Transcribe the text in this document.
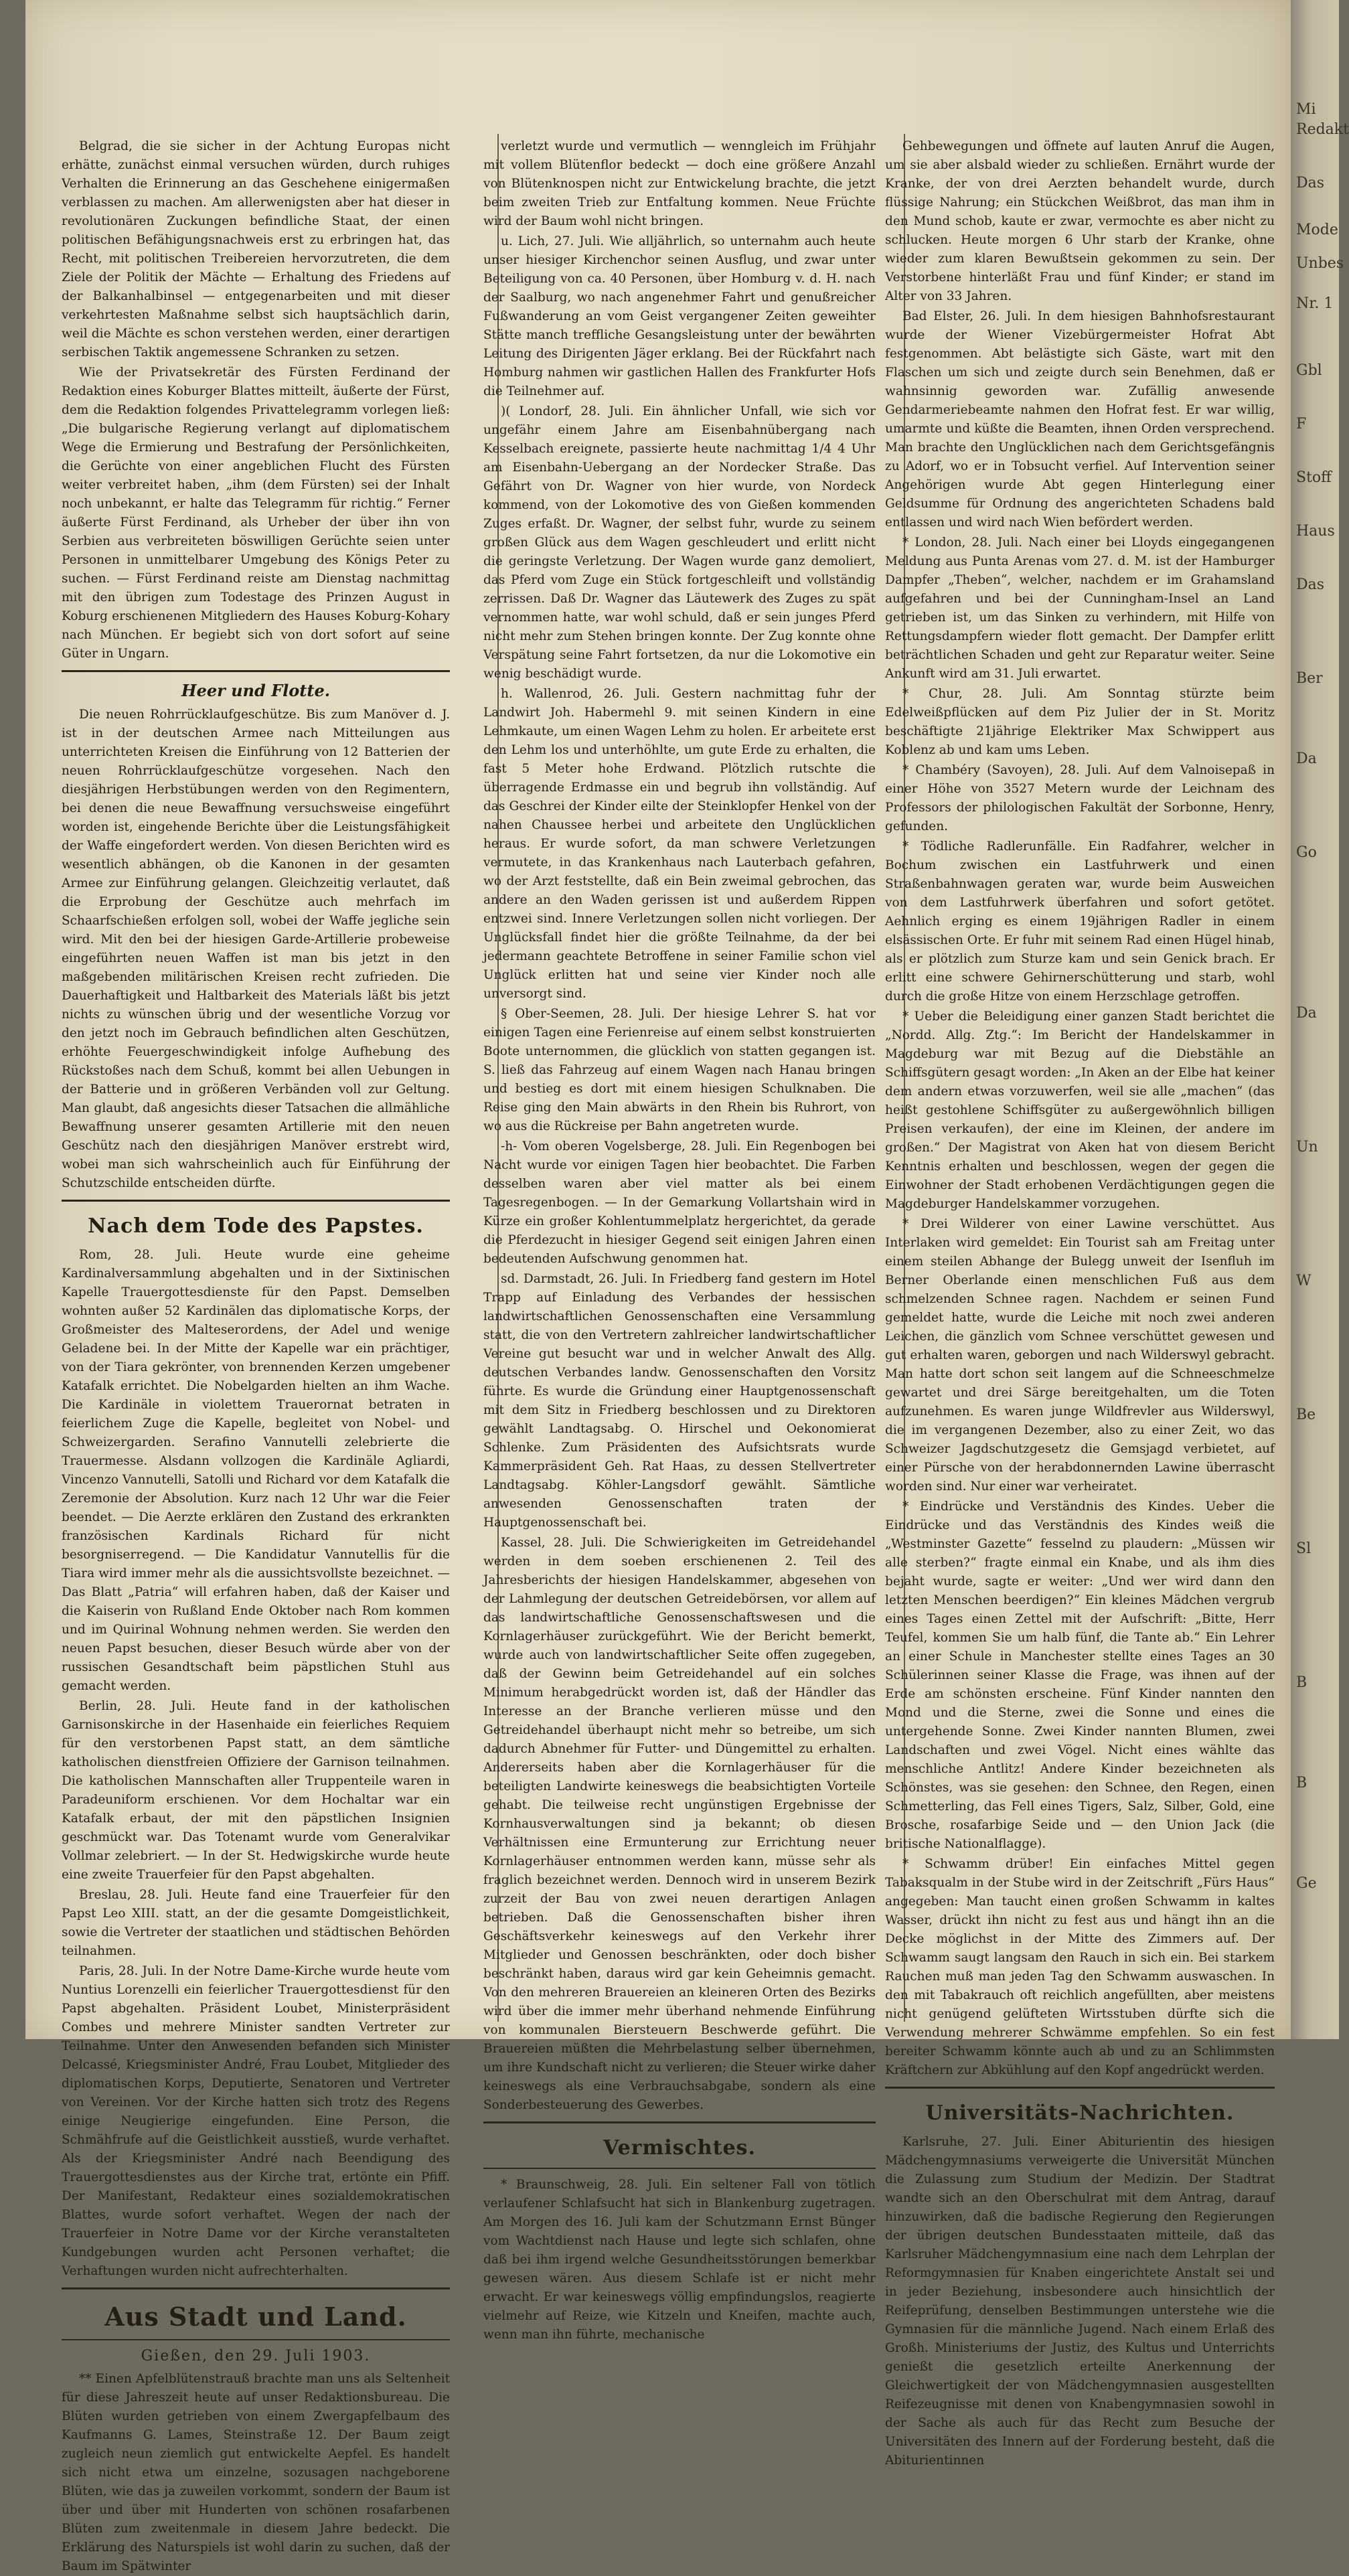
Belgrad, die sie sicher in der Achtung Europas nicht erhätte, zunächst einmal versuchen würden, durch ruhiges Verhalten die Erinnerung an das Geschehene einigermaßen verblassen zu machen. Am allerwenigsten aber hat dieser in revolutionären Zuckungen befindliche Staat, der einen politischen Befähigungsnachweis erst zu erbringen hat, das Recht, mit politischen Treibereien hervorzutreten, die dem Ziele der Politik der Mächte — Erhaltung des Friedens auf der Balkanhalbinsel — entgegenarbeiten und mit dieser verkehrtesten Maßnahme selbst sich hauptsächlich darin, weil die Mächte es schon verstehen werden, einer derartigen serbischen Taktik angemessene Schranken zu setzen.

Wie der Privatsekretär des Fürsten Ferdinand der Redaktion eines Koburger Blattes mitteilt, äußerte der Fürst, dem die Redaktion folgendes Privattelegramm vorlegen ließ: „Die bulgarische Regierung verlangt auf diplomatischem Wege die Ermierung und Bestrafung der Persönlichkeiten, die Gerüchte von einer angeblichen Flucht des Fürsten weiter verbreitet haben, „ihm (dem Fürsten) sei der Inhalt noch unbekannt, er halte das Telegramm für richtig.“ Ferner äußerte Fürst Ferdinand, als Urheber der über ihn von Serbien aus verbreiteten böswilligen Gerüchte seien unter Personen in unmittelbarer Umgebung des Königs Peter zu suchen. — Fürst Ferdinand reiste am Dienstag nachmittag mit den übrigen zum Todestage des Prinzen August in Koburg erschienenen Mitgliedern des Hauses Koburg-Kohary nach München. Er begiebt sich von dort sofort auf seine Güter in Ungarn.

Heer und Flotte.

Die neuen Rohrrücklaufgeschütze. Bis zum Manöver d. J. ist in der deutschen Armee nach Mitteilungen aus unterrichteten Kreisen die Einführung von 12 Batterien der neuen Rohrrücklaufgeschütze vorgesehen. Nach den diesjährigen Herbstübungen werden von den Regimentern, bei denen die neue Bewaffnung versuchsweise eingeführt worden ist, eingehende Berichte über die Leistungsfähigkeit der Waffe eingefordert werden. Von diesen Berichten wird es wesentlich abhängen, ob die Kanonen in der gesamten Armee zur Einführung gelangen. Gleichzeitig verlautet, daß die Erprobung der Geschütze auch mehrfach im Schaarfschießen erfolgen soll, wobei der Waffe jegliche sein wird. Mit den bei der hiesigen Garde-Artillerie probeweise eingeführten neuen Waffen ist man bis jetzt in den maßgebenden militärischen Kreisen recht zufrieden. Die Dauerhaftigkeit und Haltbarkeit des Materials läßt bis jetzt nichts zu wünschen übrig und der wesentliche Vorzug vor den jetzt noch im Gebrauch befindlichen alten Geschützen, erhöhte Feuergeschwindigkeit infolge Aufhebung des Rückstoßes nach dem Schuß, kommt bei allen Uebungen in der Batterie und in größeren Verbänden voll zur Geltung. Man glaubt, daß angesichts dieser Tatsachen die allmähliche Bewaffnung unserer gesamten Artillerie mit den neuen Geschütz nach den diesjährigen Manöver erstrebt wird, wobei man sich wahrscheinlich auch für Einführung der Schutzschilde entscheiden dürfte.

Nach dem Tode des Papstes.

Rom, 28. Juli. Heute wurde eine geheime Kardinalversammlung abgehalten und in der Sixtinischen Kapelle Trauergottesdienste für den Papst. Demselben wohnten außer 52 Kardinälen das diplomatische Korps, der Großmeister des Malteserordens, der Adel und wenige Geladene bei. In der Mitte der Kapelle war ein prächtiger, von der Tiara gekrönter, von brennenden Kerzen umgebener Katafalk errichtet. Die Nobelgarden hielten an ihm Wache. Die Kardinäle in violettem Trauerornat betraten in feierlichem Zuge die Kapelle, begleitet von Nobel- und Schweizergarden. Serafino Vannutelli zelebrierte die Trauermesse. Alsdann vollzogen die Kardinäle Agliardi, Vincenzo Vannutelli, Satolli und Richard vor dem Katafalk die Zeremonie der Absolution. Kurz nach 12 Uhr war die Feier beendet. — Die Aerzte erklären den Zustand des erkrankten französischen Kardinals Richard für nicht besorgniserregend. — Die Kandidatur Vannutellis für die Tiara wird immer mehr als die aussichtsvollste bezeichnet. — Das Blatt „Patria“ will erfahren haben, daß der Kaiser und die Kaiserin von Rußland Ende Oktober nach Rom kommen und im Quirinal Wohnung nehmen werden. Sie werden den neuen Papst besuchen, dieser Besuch würde aber von der russischen Gesandtschaft beim päpstlichen Stuhl aus gemacht werden.

Berlin, 28. Juli. Heute fand in der katholischen Garnisonskirche in der Hasenhaide ein feierliches Requiem für den verstorbenen Papst statt, an dem sämtliche katholischen dienstfreien Offiziere der Garnison teilnahmen. Die katholischen Mannschaften aller Truppenteile waren in Paradeuniform erschienen. Vor dem Hochaltar war ein Katafalk erbaut, der mit den päpstlichen Insignien geschmückt war. Das Totenamt wurde vom Generalvikar Vollmar zelebriert. — In der St. Hedwigskirche wurde heute eine zweite Trauerfeier für den Papst abgehalten.

Breslau, 28. Juli. Heute fand eine Trauerfeier für den Papst Leo XIII. statt, an der die gesamte Domgeistlichkeit, sowie die Vertreter der staatlichen und städtischen Behörden teilnahmen.

Paris, 28. Juli. In der Notre Dame-Kirche wurde heute vom Nuntius Lorenzelli ein feierlicher Trauergottesdienst für den Papst abgehalten. Präsident Loubet, Ministerpräsident Combes und mehrere Minister sandten Vertreter zur Teilnahme. Unter den Anwesenden befanden sich Minister Delcassé, Kriegsminister André, Frau Loubet, Mitglieder des diplomatischen Korps, Deputierte, Senatoren und Vertreter von Vereinen. Vor der Kirche hatten sich trotz des Regens einige Neugierige eingefunden. Eine Person, die Schmähfrufe auf die Geistlichkeit ausstieß, wurde verhaftet. Als der Kriegsminister André nach Beendigung des Trauergottesdienstes aus der Kirche trat, ertönte ein Pfiff. Der Manifestant, Redakteur eines sozialdemokratischen Blattes, wurde sofort verhaftet. Wegen der nach der Trauerfeier in Notre Dame vor der Kirche veranstalteten Kundgebungen wurden acht Personen verhaftet; die Verhaftungen wurden nicht aufrechterhalten.

Aus Stadt und Land.
Gießen, den 29. Juli 1903.

** Einen Apfelblütenstrauß brachte man uns als Seltenheit für diese Jahreszeit heute auf unser Redaktionsbureau. Die Blüten wurden getrieben von einem Zwergapfelbaum des Kaufmanns G. Lames, Steinstraße 12. Der Baum zeigt zugleich neun ziemlich gut entwickelte Aepfel. Es handelt sich nicht etwa um einzelne, sozusagen nachgeborene Blüten, wie das ja zuweilen vorkommt, sondern der Baum ist über und über mit Hunderten von schönen rosafarbenen Blüten zum zweitenmale in diesem Jahre bedeckt. Die Erklärung des Naturspiels ist wohl darin zu suchen, daß der Baum im Spätwinter

verletzt wurde und vermutlich — wenngleich im Frühjahr mit vollem Blütenflor bedeckt — doch eine größere Anzahl von Blütenknospen nicht zur Entwickelung brachte, die jetzt beim zweiten Trieb zur Entfaltung kommen. Neue Früchte wird der Baum wohl nicht bringen.

u. Lich, 27. Juli. Wie alljährlich, so unternahm auch heute unser hiesiger Kirchenchor seinen Ausflug, und zwar unter Beteiligung von ca. 40 Personen, über Homburg v. d. H. nach der Saalburg, wo nach angenehmer Fahrt und genußreicher Fußwanderung an vom Geist vergangener Zeiten geweihter Stätte manch treffliche Gesangsleistung unter der bewährten Leitung des Dirigenten Jäger erklang. Bei der Rückfahrt nach Homburg nahmen wir gastlichen Hallen des Frankfurter Hofs die Teilnehmer auf.

)( Londorf, 28. Juli. Ein ähnlicher Unfall, wie sich vor ungefähr einem Jahre am Eisenbahnübergang nach Kesselbach ereignete, passierte heute nachmittag 1/4 4 Uhr am Eisenbahn-Uebergang an der Nordecker Straße. Das Gefährt von Dr. Wagner von hier wurde, von Nordeck kommend, von der Lokomotive des von Gießen kommenden Zuges erfaßt. Dr. Wagner, der selbst fuhr, wurde zu seinem großen Glück aus dem Wagen geschleudert und erlitt nicht die geringste Verletzung. Der Wagen wurde ganz demoliert, das Pferd vom Zuge ein Stück fortgeschleift und vollständig zerrissen. Daß Dr. Wagner das Läutewerk des Zuges zu spät vernommen hatte, war wohl schuld, daß er sein junges Pferd nicht mehr zum Stehen bringen konnte. Der Zug konnte ohne Verspätung seine Fahrt fortsetzen, da nur die Lokomotive ein wenig beschädigt wurde.

h. Wallenrod, 26. Juli. Gestern nachmittag fuhr der Landwirt Joh. Habermehl 9. mit seinen Kindern in eine Lehmkaute, um einen Wagen Lehm zu holen. Er arbeitete erst den Lehm los und unterhöhlte, um gute Erde zu erhalten, die fast 5 Meter hohe Erdwand. Plötzlich rutschte die überragende Erdmasse ein und begrub ihn vollständig. Auf das Geschrei der Kinder eilte der Steinklopfer Henkel von der nahen Chaussee herbei und arbeitete den Unglücklichen heraus. Er wurde sofort, da man schwere Verletzungen vermutete, in das Krankenhaus nach Lauterbach gefahren, wo der Arzt feststellte, daß ein Bein zweimal gebrochen, das andere an den Waden gerissen ist und außerdem Rippen entzwei sind. Innere Verletzungen sollen nicht vorliegen. Der Unglücksfall findet hier die größte Teilnahme, da der bei jedermann geachtete Betroffene in seiner Familie schon viel Unglück erlitten hat und seine vier Kinder noch alle unversorgt sind.

§ Ober-Seemen, 28. Juli. Der hiesige Lehrer S. hat vor einigen Tagen eine Ferienreise auf einem selbst konstruierten Boote unternommen, die glücklich von statten gegangen ist. S. ließ das Fahrzeug auf einem Wagen nach Hanau bringen und bestieg es dort mit einem hiesigen Schulknaben. Die Reise ging den Main abwärts in den Rhein bis Ruhrort, von wo aus die Rückreise per Bahn angetreten wurde.

-h- Vom oberen Vogelsberge, 28. Juli. Ein Regenbogen bei Nacht wurde vor einigen Tagen hier beobachtet. Die Farben desselben waren aber viel matter als bei einem Tagesregenbogen. — In der Gemarkung Vollartshain wird in Kürze ein großer Kohlentummelplatz hergerichtet, da gerade die Pferdezucht in hiesiger Gegend seit einigen Jahren einen bedeutenden Aufschwung genommen hat.

sd. Darmstadt, 26. Juli. In Friedberg fand gestern im Hotel Trapp auf Einladung des Verbandes der hessischen landwirtschaftlichen Genossenschaften eine Versammlung statt, die von den Vertretern zahlreicher landwirtschaftlicher Vereine gut besucht war und in welcher Anwalt des Allg. deutschen Verbandes landw. Genossenschaften den Vorsitz führte. Es wurde die Gründung einer Hauptgenossenschaft mit dem Sitz in Friedberg beschlossen und zu Direktoren gewählt Landtagsabg. O. Hirschel und Oekonomierat Schlenke. Zum Präsidenten des Aufsichtsrats wurde Kammerpräsident Geh. Rat Haas, zu dessen Stellvertreter Landtagsabg. Köhler-Langsdorf gewählt. Sämtliche anwesenden Genossenschaften traten der Hauptgenossenschaft bei.

Kassel, 28. Juli. Die Schwierigkeiten im Getreidehandel werden in dem soeben erschienenen 2. Teil des Jahresberichts der hiesigen Handelskammer, abgesehen von der Lahmlegung der deutschen Getreidebörsen, vor allem auf das landwirtschaftliche Genossenschaftswesen und die Kornlagerhäuser zurückgeführt. Wie der Bericht bemerkt, wurde auch von landwirtschaftlicher Seite offen zugegeben, daß der Gewinn beim Getreidehandel auf ein solches Minimum herabgedrückt worden ist, daß der Händler das Interesse an der Branche verlieren müsse und den Getreidehandel überhaupt nicht mehr so betreibe, um sich dadurch Abnehmer für Futter- und Düngemittel zu erhalten. Andererseits haben aber die Kornlagerhäuser für die beteiligten Landwirte keineswegs die beabsichtigten Vorteile gehabt. Die teilweise recht ungünstigen Ergebnisse der Kornhausverwaltungen sind ja bekannt; ob diesen Verhältnissen eine Ermunterung zur Errichtung neuer Kornlagerhäuser entnommen werden kann, müsse sehr als fraglich bezeichnet werden. Dennoch wird in unserem Bezirk zurzeit der Bau von zwei neuen derartigen Anlagen betrieben. Daß die Genossenschaften bisher ihren Geschäftsverkehr keineswegs auf den Verkehr ihrer Mitglieder und Genossen beschränkten, oder doch bisher beschränkt haben, daraus wird gar kein Geheimnis gemacht. Von den mehreren Brauereien an kleineren Orten des Bezirks wird über die immer mehr überhand nehmende Einführung von kommunalen Biersteuern Beschwerde geführt. Die Brauereien müßten die Mehrbelastung selber übernehmen, um ihre Kundschaft nicht zu verlieren; die Steuer wirke daher keineswegs als eine Verbrauchsabgabe, sondern als eine Sonderbesteuerung des Gewerbes.

Vermischtes.

* Braunschweig, 28. Juli. Ein seltener Fall von tötlich verlaufener Schlafsucht hat sich in Blankenburg zugetragen. Am Morgen des 16. Juli kam der Schutzmann Ernst Bünger vom Wachtdienst nach Hause und legte sich schlafen, ohne daß bei ihm irgend welche Gesundheitsstörungen bemerkbar gewesen wären. Aus diesem Schlafe ist er nicht mehr erwacht. Er war keineswegs völlig empfindungslos, reagierte vielmehr auf Reize, wie Kitzeln und Kneifen, machte auch, wenn man ihn führte, mechanische

Gehbewegungen und öffnete auf lauten Anruf die Augen, um sie aber alsbald wieder zu schließen. Ernährt wurde der Kranke, der von drei Aerzten behandelt wurde, durch flüssige Nahrung; ein Stückchen Weißbrot, das man ihm in den Mund schob, kaute er zwar, vermochte es aber nicht zu schlucken. Heute morgen 6 Uhr starb der Kranke, ohne wieder zum klaren Bewußtsein gekommen zu sein. Der Verstorbene hinterläßt Frau und fünf Kinder; er stand im Alter von 33 Jahren.

Bad Elster, 26. Juli. In dem hiesigen Bahnhofsrestaurant wurde der Wiener Vizebürgermeister Hofrat Abt festgenommen. Abt belästigte sich Gäste, wart mit den Flaschen um sich und zeigte durch sein Benehmen, daß er wahnsinnig geworden war. Zufällig anwesende Gendarmeriebeamte nahmen den Hofrat fest. Er war willig, umarmte und küßte die Beamten, ihnen Orden versprechend. Man brachte den Unglücklichen nach dem Gerichtsgefängnis zu Adorf, wo er in Tobsucht verfiel. Auf Intervention seiner Angehörigen wurde Abt gegen Hinterlegung einer Geldsumme für Ordnung des angerichteten Schadens bald entlassen und wird nach Wien befördert werden.

* London, 28. Juli. Nach einer bei Lloyds eingegangenen Meldung aus Punta Arenas vom 27. d. M. ist der Hamburger Dampfer „Theben“, welcher, nachdem er im Grahamsland aufgefahren und bei der Cunningham-Insel an Land getrieben ist, um das Sinken zu verhindern, mit Hilfe von Rettungsdampfern wieder flott gemacht. Der Dampfer erlitt beträchtlichen Schaden und geht zur Reparatur weiter. Seine Ankunft wird am 31. Juli erwartet.

* Chur, 28. Juli. Am Sonntag stürzte beim Edelweißpflücken auf dem Piz Julier der in St. Moritz beschäftigte 21jährige Elektriker Max Schwippert aus Koblenz ab und kam ums Leben.

* Chambéry (Savoyen), 28. Juli. Auf dem Valnoisepaß in einer Höhe von 3527 Metern wurde der Leichnam des Professors der philologischen Fakultät der Sorbonne, Henry, gefunden.

* Tödliche Radlerunfälle. Ein Radfahrer, welcher in Bochum zwischen ein Lastfuhrwerk und einen Straßenbahnwagen geraten war, wurde beim Ausweichen von dem Lastfuhrwerk überfahren und sofort getötet. Aehnlich erging es einem 19jährigen Radler in einem elsässischen Orte. Er fuhr mit seinem Rad einen Hügel hinab, als er plötzlich zum Sturze kam und sein Genick brach. Er erlitt eine schwere Gehirnerschütterung und starb, wohl durch die große Hitze von einem Herzschlage getroffen.

* Ueber die Beleidigung einer ganzen Stadt berichtet die „Nordd. Allg. Ztg.“: Im Bericht der Handelskammer in Magdeburg war mit Bezug auf die Diebstähle an Schiffsgütern gesagt worden: „In Aken an der Elbe hat keiner dem andern etwas vorzuwerfen, weil sie alle „machen“ (das heißt gestohlene Schiffsgüter zu außergewöhnlich billigen Preisen verkaufen), der eine im Kleinen, der andere im großen.“ Der Magistrat von Aken hat von diesem Bericht Kenntnis erhalten und beschlossen, wegen der gegen die Einwohner der Stadt erhobenen Verdächtigungen gegen die Magdeburger Handelskammer vorzugehen.

* Drei Wilderer von einer Lawine verschüttet. Aus Interlaken wird gemeldet: Ein Tourist sah am Freitag unter einem steilen Abhange der Bulegg unweit der Isenfluh im Berner Oberlande einen menschlichen Fuß aus dem schmelzenden Schnee ragen. Nachdem er seinen Fund gemeldet hatte, wurde die Leiche mit noch zwei anderen Leichen, die gänzlich vom Schnee verschüttet gewesen und gut erhalten waren, geborgen und nach Wilderswyl gebracht. Man hatte dort schon seit langem auf die Schneeschmelze gewartet und drei Särge bereitgehalten, um die Toten aufzunehmen. Es waren junge Wildfrevler aus Wilderswyl, die im vergangenen Dezember, also zu einer Zeit, wo das Schweizer Jagdschutzgesetz die Gemsjagd verbietet, auf einer Pürsche von der herabdonnernden Lawine überrascht worden sind. Nur einer war verheiratet.

* Eindrücke und Verständnis des Kindes. Ueber die Eindrücke und das Verständnis des Kindes weiß die „Westminster Gazette“ fesselnd zu plaudern: „Müssen wir alle sterben?“ fragte einmal ein Knabe, und als ihm dies bejaht wurde, sagte er weiter: „Und wer wird dann den letzten Menschen beerdigen?“ Ein kleines Mädchen vergrub eines Tages einen Zettel mit der Aufschrift: „Bitte, Herr Teufel, kommen Sie um halb fünf, die Tante ab.“ Ein Lehrer an einer Schule in Manchester stellte eines Tages an 30 Schülerinnen seiner Klasse die Frage, was ihnen auf der Erde am schönsten erscheine. Fünf Kinder nannten den Mond und die Sterne, zwei die Sonne und eines die untergehende Sonne. Zwei Kinder nannten Blumen, zwei Landschaften und zwei Vögel. Nicht eines wählte das menschliche Antlitz! Andere Kinder bezeichneten als Schönstes, was sie gesehen: den Schnee, den Regen, einen Schmetterling, das Fell eines Tigers, Salz, Silber, Gold, eine Brosche, rosafarbige Seide und — den Union Jack (die britische Nationalflagge).

* Schwamm drüber! Ein einfaches Mittel gegen Tabaksqualm in der Stube wird in der Zeitschrift „Fürs Haus“ angegeben: Man taucht einen großen Schwamm in kaltes Wasser, drückt ihn nicht zu fest aus und hängt ihn an die Decke möglichst in der Mitte des Zimmers auf. Der Schwamm saugt langsam den Rauch in sich ein. Bei starkem Rauchen muß man jeden Tag den Schwamm auswaschen. In den mit Tabakrauch oft reichlich angefüllten, aber meistens nicht genügend gelüfteten Wirtsstuben dürfte sich die Verwendung mehrerer Schwämme empfehlen. So ein fest bereiter Schwamm könnte auch ab und zu an Schlimmsten Kräftchern zur Abkühlung auf den Kopf angedrückt werden.

Universitäts-Nachrichten.

Karlsruhe, 27. Juli. Einer Abiturientin des hiesigen Mädchengymnasiums verweigerte die Universität München die Zulassung zum Studium der Medizin. Der Stadtrat wandte sich an den Oberschulrat mit dem Antrag, darauf hinzuwirken, daß die badische Regierung den Regierungen der übrigen deutschen Bundesstaaten mitteile, daß das Karlsruher Mädchengymnasium eine nach dem Lehrplan der Reformgymnasien für Knaben eingerichtete Anstalt sei und in jeder Beziehung, insbesondere auch hinsichtlich der Reifeprüfung, denselben Bestimmungen unterstehe wie die Gymnasien für die männliche Jugend. Nach einem Erlaß des Großh. Ministeriums der Justiz, des Kultus und Unterrichts genießt die gesetzlich erteilte Anerkennung der Gleichwertigkeit der von Mädchengymnasien ausgestellten Reifezeugnisse mit denen von Knabengymnasien sowohl in der Sache als auch für das Recht zum Besuche der Universitäten des Innern auf der Forderung besteht, daß die Abiturientinnen

Mi
Redakt
Das
Mode
Unbes
Nr. 1
Gbl
F
Stoff
Haus
Das
Ber
Da
Go
Da
Un
W
Be
Sl
B
B
Ge
